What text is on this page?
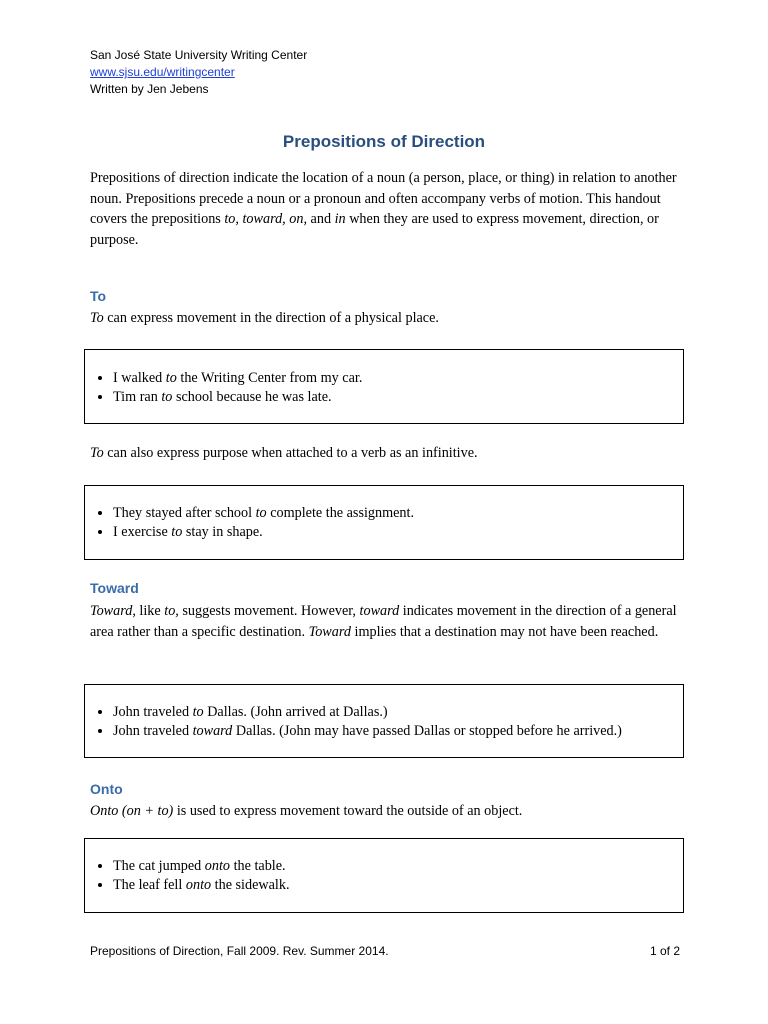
San José State University Writing Center
www.sjsu.edu/writingcenter
Written by Jen Jebens
Prepositions of Direction

Prepositions of direction indicate the location of a noun (a person, place, or thing) in relation to another noun. Prepositions precede a noun or a pronoun and often accompany verbs of motion. This handout covers the prepositions to, toward, on, and in when they are used to express movement, direction, or purpose.

To

To can express movement in the direction of a physical place.

• I walked to the Writing Center from my car.
• Tim ran to school because he was late.

To can also express purpose when attached to a verb as an infinitive.

• They stayed after school to complete the assignment.
• I exercise to stay in shape.
Toward

Toward, like to, suggests movement. However, toward indicates movement in the direction of a general area rather than a specific destination. Toward implies that a destination may not have been reached.

• John traveled to Dallas. (John arrived at Dallas.)
• John traveled toward Dallas. (John may have passed Dallas or stopped before he arrived.)
Onto

Onto (on + to) is used to express movement toward the outside of an object.

• The cat jumped onto the table.
• The leaf fell onto the sidewalk.
Prepositions of Direction, Fall 2009. Rev. Summer 2014.	1 of 2
